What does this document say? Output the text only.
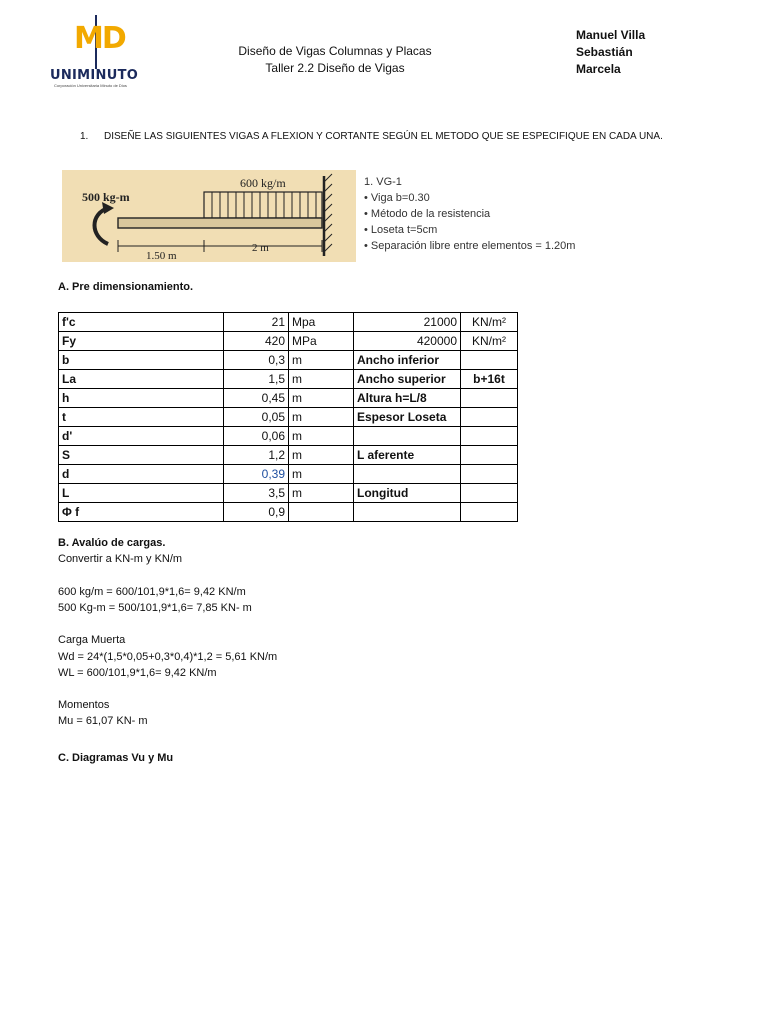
MD
UNIMINUTO
Corporación Universitaria Minuto de Dios
Diseño de Vigas Columnas y Placas
Taller 2.2 Diseño de Vigas
Manuel Villa
Sebastián
Marcela
1. DISEÑE LAS SIGUIENTES VIGAS A FLEXION Y CORTANTE SEGÚN EL METODO QUE SE ESPECIFIQUE EN CADA UNA.
500 kg-m
600 kg/m
1.50 m
2 m
1. VG-1
• Viga b=0.30
• Método de la resistencia
• Loseta t=5cm
• Separación libre entre elementos = 1.20m
A. Pre dimensionamiento.
f'c	21	Mpa	21000	KN/m²
Fy	420	MPa	420000	KN/m²
b	0,3	m	Ancho inferior	
La	1,5	m	Ancho superior	b+16t
h	0,45	m	Altura h=L/8	
t	0,05	m	Espesor Loseta	
d'	0,06	m		
S	1,2	m	L aferente	
d	0,39	m		
L	3,5	m	Longitud	
Φ f	0,9			
B. Avalúo de cargas.
Convertir a KN-m y KN/m
600 kg/m = 600/101,9*1,6= 9,42 KN/m
500 Kg-m = 500/101,9*1,6= 7,85 KN- m
Carga Muerta
Wd = 24*(1,5*0,05+0,3*0,4)*1,2 = 5,61 KN/m
WL = 600/101,9*1,6= 9,42 KN/m
Momentos
Mu = 61,07 KN- m
C. Diagramas Vu y Mu
